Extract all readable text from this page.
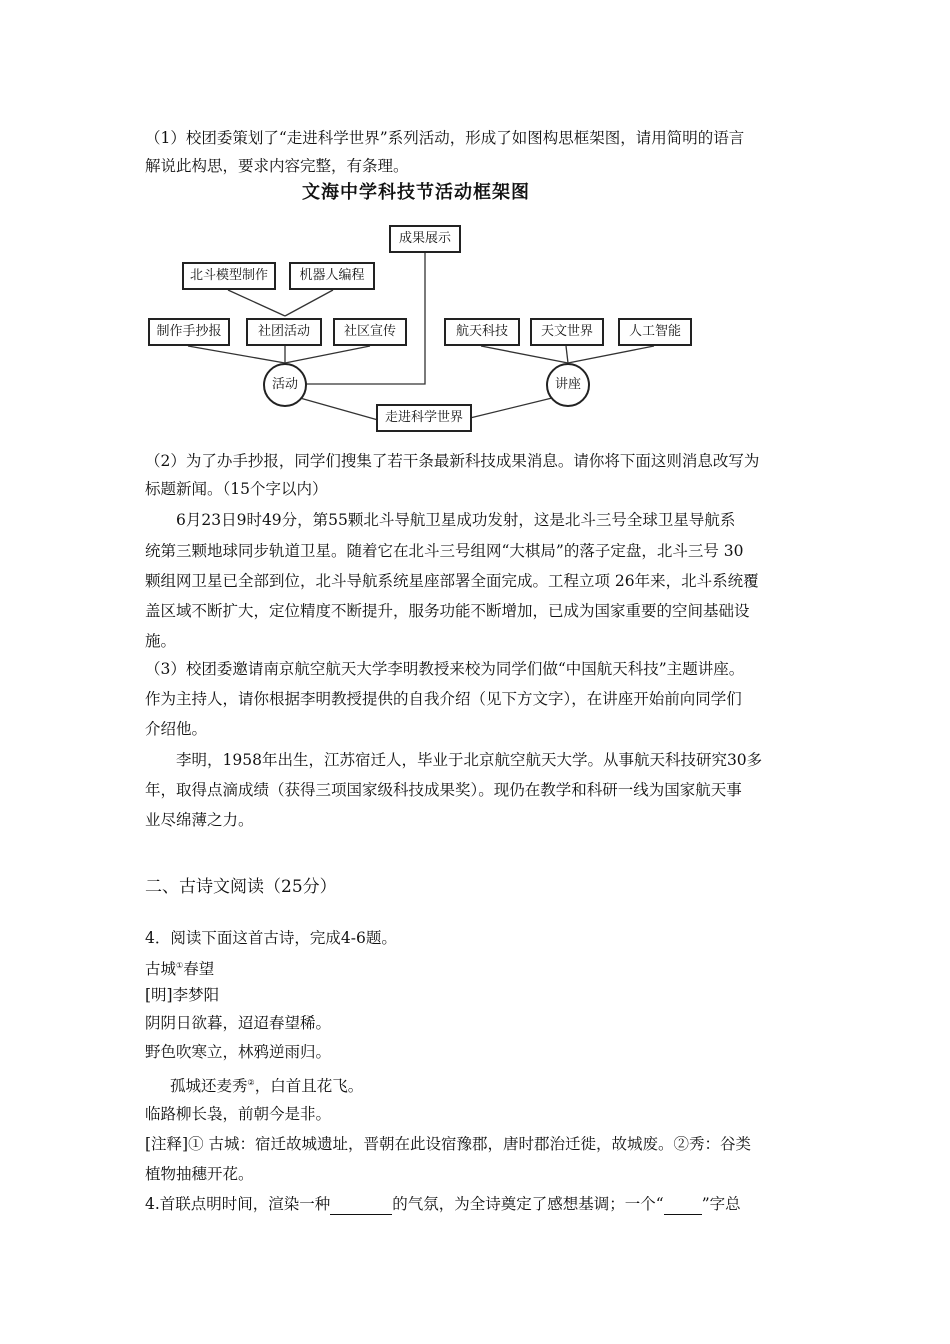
（1）校团委策划了“走进科学世界”系列活动，形成了如图构思框架图，请用简明的语言
解说此构思，要求内容完整，有条理。
文海中学科技节活动框架图
成果展示
北斗模型制作	机器人编程
制作手抄报	社团活动	社区宣传	航天科技	天文世界	人工智能
活动	讲座
走进科学世界
（2）为了办手抄报，同学们搜集了若干条最新科技成果消息。请你将下面这则消息改写为
标题新闻。（15个字以内）
6月23日9时49分，第55颗北斗导航卫星成功发射，这是北斗三号全球卫星导航系
统第三颗地球同步轨道卫星。随着它在北斗三号组网“大棋局”的落子定盘，北斗三号 30
颗组网卫星已全部到位，北斗导航系统星座部署全面完成。工程立项 26年来，北斗系统覆
盖区域不断扩大，定位精度不断提升，服务功能不断增加，已成为国家重要的空间基础设
施。
（3）校团委邀请南京航空航天大学李明教授来校为同学们做“中国航天科技”主题讲座。
作为主持人，请你根据李明教授提供的自我介绍（见下方文字），在讲座开始前向同学们
介绍他。
李明，1958年出生，江苏宿迁人，毕业于北京航空航天大学。从事航天科技研究30多
年，取得点滴成绩（获得三项国家级科技成果奖）。现仍在教学和科研一线为国家航天事
业尽绵薄之力。
二、古诗文阅读（25分）
4．阅读下面这首古诗，完成4-6题。
古城①春望
[明]李梦阳
阴阴日欲暮，迢迢春望稀。
野色吹寒立，林鸦逆雨归。
孤城还麦秀②，白首且花飞。
临路柳长袅，前朝今是非。
[注释]① 古城：宿迁故城遗址，晋朝在此设宿豫郡，唐时郡治迁徙，故城废。②秀：谷类
植物抽穗开花。
4.首联点明时间，渲染一种	的气氛，为全诗奠定了感想基调；一个“ ”字总
